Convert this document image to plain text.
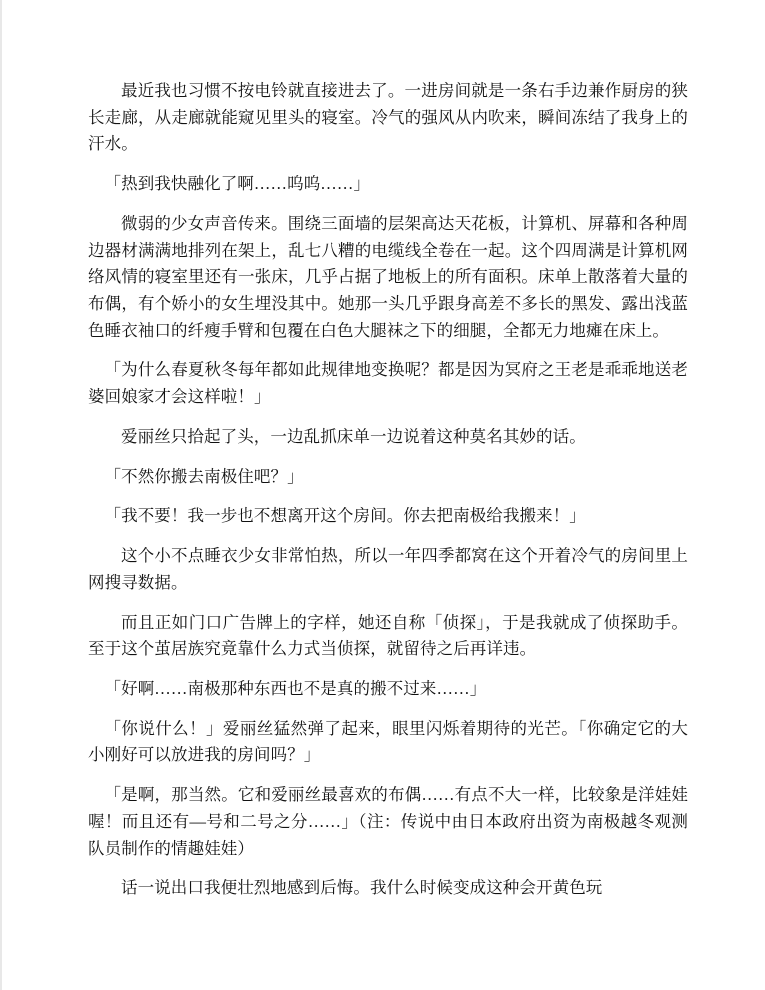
最近我也习惯不按电铃就直接进去了。一进房间就是一条右手边兼作厨房的狭长走廊，从走廊就能窥见里头的寝室。冷气的强风从内吹来，瞬间冻结了我身上的汗水。

「热到我快融化了啊……呜呜……」

微弱的少女声音传来。围绕三面墙的层架高达天花板，计算机、屏幕和各种周边器材满满地排列在架上，乱七八糟的电缆线全卷在一起。这个四周满是计算机网络风情的寝室里还有一张床，几乎占据了地板上的所有面积。床单上散落着大量的布偶，有个娇小的女生埋没其中。她那一头几乎跟身高差不多长的黑发、露出浅蓝色睡衣袖口的纤瘦手臂和包覆在白色大腿袜之下的细腿，全都无力地瘫在床上。

「为什么春夏秋冬每年都如此规律地变换呢？都是因为冥府之王老是乖乖地送老婆回娘家才会这样啦！」

爱丽丝只拾起了头，一边乱抓床单一边说着这种莫名其妙的话。

「不然你搬去南极住吧？」

「我不要！我一步也不想离开这个房间。你去把南极给我搬来！」

这个小不点睡衣少女非常怕热，所以一年四季都窝在这个开着冷气的房间里上网搜寻数据。

而且正如门口广告牌上的字样，她还自称「侦探」，于是我就成了侦探助手。至于这个茧居族究竟靠什么力式当侦探，就留待之后再详违。

「好啊……南极那种东西也不是真的搬不过来……」

「你说什么！」爱丽丝猛然弹了起来，眼里闪烁着期待的光芒。「你确定它的大小刚好可以放进我的房间吗？」

「是啊，那当然。它和爱丽丝最喜欢的布偶……有点不大一样，比较象是洋娃娃喔！而且还有—号和二号之分……」（注：传说中由日本政府出资为南极越冬观测队员制作的情趣娃娃）

话一说出口我便壮烈地感到后悔。我什么时候变成这种会开黄色玩
